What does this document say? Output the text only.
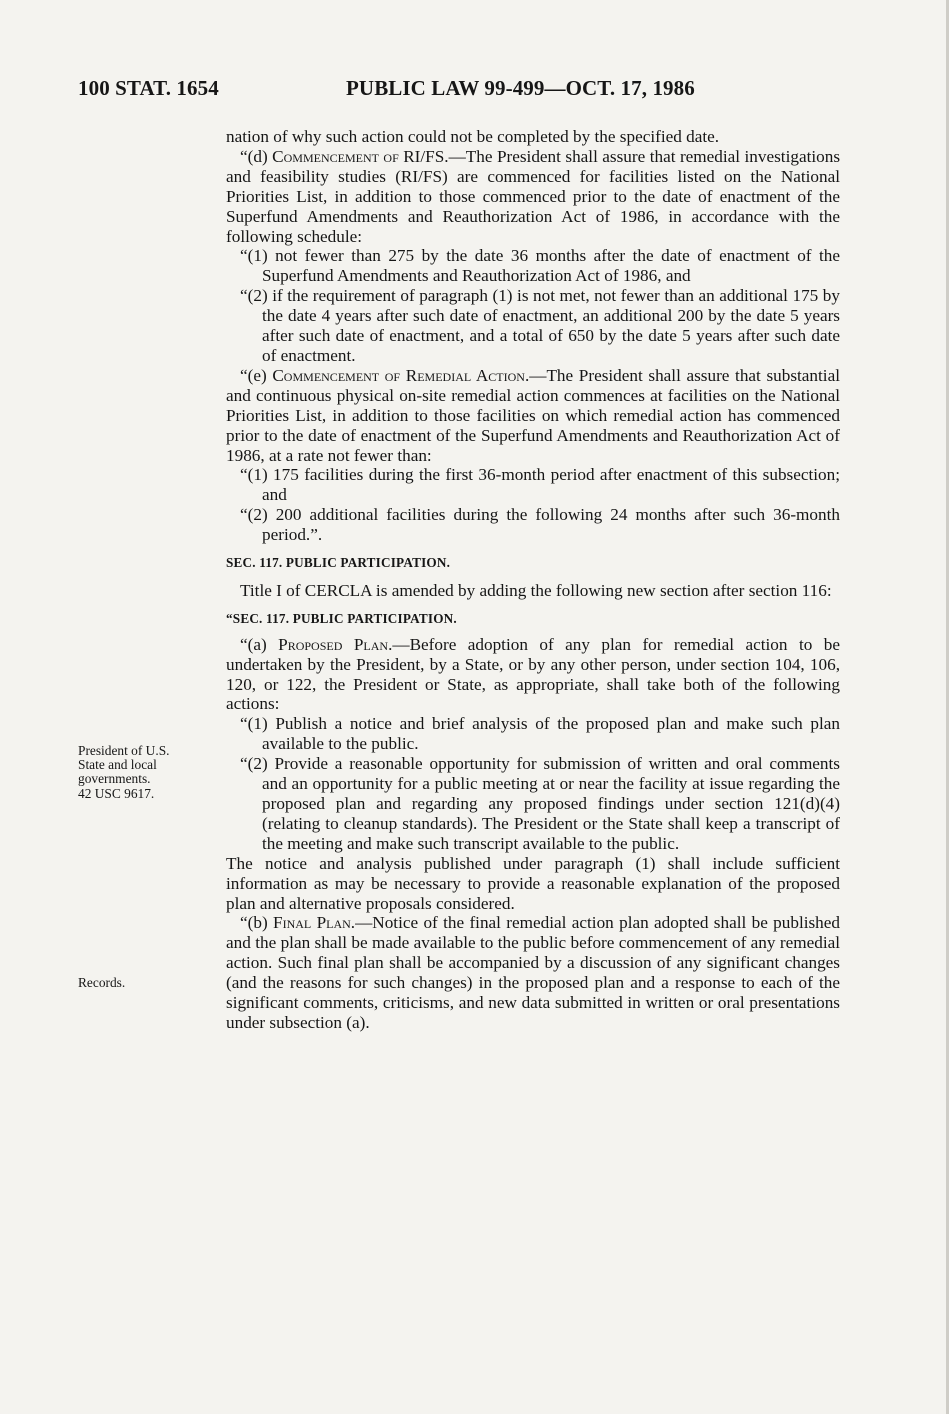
100 STAT. 1654	PUBLIC LAW 99-499—OCT. 17, 1986
President of U.S.
State and local
governments.
42 USC 9617.
Records.

nation of why such action could not be completed by the specified date.

“(d) Commencement of RI/FS.—The President shall assure that remedial investigations and feasibility studies (RI/FS) are commenced for facilities listed on the National Priorities List, in addition to those commenced prior to the date of enactment of the Superfund Amendments and Reauthorization Act of 1986, in accordance with the following schedule:

“(1) not fewer than 275 by the date 36 months after the date of enactment of the Superfund Amendments and Reauthorization Act of 1986, and

“(2) if the requirement of paragraph (1) is not met, not fewer than an additional 175 by the date 4 years after such date of enactment, an additional 200 by the date 5 years after such date of enactment, and a total of 650 by the date 5 years after such date of enactment.

“(e) Commencement of Remedial Action.—The President shall assure that substantial and continuous physical on-site remedial action commences at facilities on the National Priorities List, in addition to those facilities on which remedial action has commenced prior to the date of enactment of the Superfund Amendments and Reauthorization Act of 1986, at a rate not fewer than:

“(1) 175 facilities during the first 36-month period after enactment of this subsection; and

“(2) 200 additional facilities during the following 24 months after such 36-month period.”.

SEC. 117. PUBLIC PARTICIPATION.

Title I of CERCLA is amended by adding the following new section after section 116:

“SEC. 117. PUBLIC PARTICIPATION.

“(a) Proposed Plan.—Before adoption of any plan for remedial action to be undertaken by the President, by a State, or by any other person, under section 104, 106, 120, or 122, the President or State, as appropriate, shall take both of the following actions:

“(1) Publish a notice and brief analysis of the proposed plan and make such plan available to the public.

“(2) Provide a reasonable opportunity for submission of written and oral comments and an opportunity for a public meeting at or near the facility at issue regarding the proposed plan and regarding any proposed findings under section 121(d)(4) (relating to cleanup standards). The President or the State shall keep a transcript of the meeting and make such transcript available to the public.

The notice and analysis published under paragraph (1) shall include sufficient information as may be necessary to provide a reasonable explanation of the proposed plan and alternative proposals considered.

“(b) Final Plan.—Notice of the final remedial action plan adopted shall be published and the plan shall be made available to the public before commencement of any remedial action. Such final plan shall be accompanied by a discussion of any significant changes (and the reasons for such changes) in the proposed plan and a response to each of the significant comments, criticisms, and new data submitted in written or oral presentations under subsection (a).
